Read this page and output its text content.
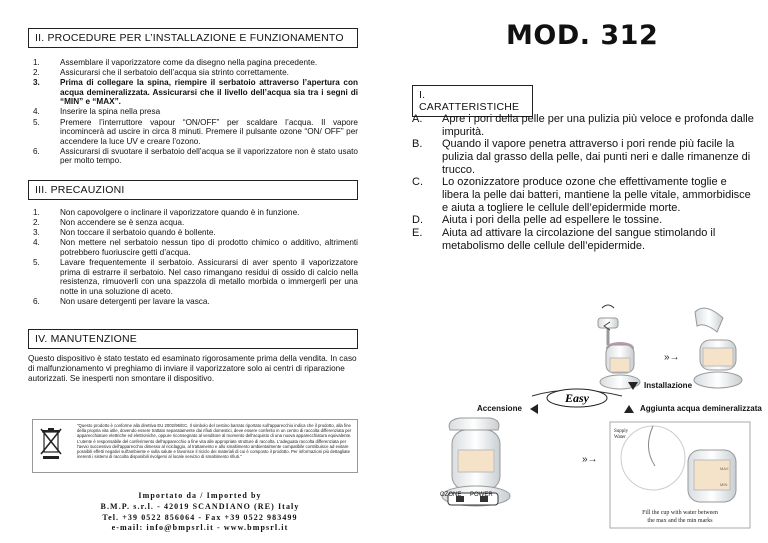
II. PROCEDURE PER L’INSTALLAZIONE E FUNZIONAMENTO
1.	Assemblare il vaporizzatore come da disegno nella pagina precedente.
2.	Assicurarsi che il serbatoio dell’acqua sia strinto correttamente.
3.	Prima di collegare la spina, riempire il serbatoio attraverso l’apertura con acqua demineralizzata. Assicurarsi che il livello dell’acqua sia tra i segni di “MIN” e “MAX”.
4.	Inserire la spina nella presa
5.	Premere l’interruttore vapour “ON/OFF” per scaldare l’acqua. Il vapore incomincerà ad uscire in circa 8 minuti. Premere il pulsante ozone “ON/ OFF” per accendere la luce UV e creare l’ozono.
6.	Assicurarsi di svuotare il serbatoio dell’acqua se il vaporizzatore non è stato usato per molto tempo.
III. PRECAUZIONI
1.	Non capovolgere o inclinare il vaporizzatore quando è in funzione.
2.	Non accendere se è senza acqua.
3.	Non toccare il serbatoio quando è bollente.
4.	Non mettere nel serbatoio nessun tipo di prodotto chimico o additivo, altrimenti potrebbero fuoriuscire getti d’acqua.
5.	Lavare frequentemente il serbatoio. Assicurarsi di aver spento il vaporizzatore prima di estrarre il serbatoio. Nel caso rimangano residui di ossido di calcio nella resistenza, rimuoverli con una spazzola di metallo morbida o immergerli per una notte in una soluzione di aceto.
6.	Non usare detergenti per lavare la vasca.
IV. MANUTENZIONE

Questo dispositivo è stato testato ed esaminato rigorosamente prima della vendita. In caso di malfunzionamento vi preghiamo di inviare il vaporizzatore solo ai centri di riparazione autorizzati. Se inesperti non smontare il dispositivo.

"Questo prodotto è conforme alla direttiva EU 2002/96/EC. Il simbolo del cestino barrato riportato sull'apparecchio indica che il prodotto, alla fine della propria vita utile, dovendo essere trattato separatamente dai rifiuti domestici, deve essere conferito in un centro di raccolta differenziata per apparecchiature elettriche ed elettroniche, oppure riconsegnato al venditore al momento dell'acquisto di una nuova apparecchiatura equivalente. L'utente è responsabile del conferimento dell'apparecchio a fine vita alle appropriate strutture di raccolta. L'adeguata raccolta differenziata per l'avvio successivo dell'apparecchio dimesso al riciclaggio, al trattamento e allo smaltimento ambientalmente compatibile contribuisce ad evitare possibili effetti negativi sull'ambiente e sulla salute e favorisce il riciclo dei materiali di cui è composto il prodotto. Per informazioni più dettagliate inerenti i sistemi di raccolta disponibili rivolgersi al locale servizio di smaltimento rifiuti."
Importato da / Imported by
B.M.P. s.r.l. - 42019 SCANDIANO (RE) Italy
Tel. +39 0522 856064 - Fax +39 0522 983499
e-mail: info@bmpsrl.it - www.bmpsrl.it
MOD. 312
I. CARATTERISTICHE
A.	Apre i pori della pelle per una pulizia più veloce e profonda dalle impurità.
B.	Quando il vapore penetra attraverso i pori rende più facile la pulizia dal grasso della pelle, dai punti neri e dalle rimanenze di trucco.
C.	Lo ozonizzatore produce ozone che effettivamente toglie e libera la pelle dai batteri, mantiene la pelle vitale, ammorbidisce e aiuta a togliere le cellule dell’epidermide morte.
D.	Aiuta i pori della pelle ad espellere le tossine.
E.	Aiuta ad attivare la circolazione del sangue stimolando il metabolismo delle cellule dell’epidermide.
»→
Easy
OZONE POWER
MAX
MIN
Supply
Water
Fill the cup with water between
the max and the min marks
»→
Installazione
Accensione	Aggiunta acqua demineralizzata
